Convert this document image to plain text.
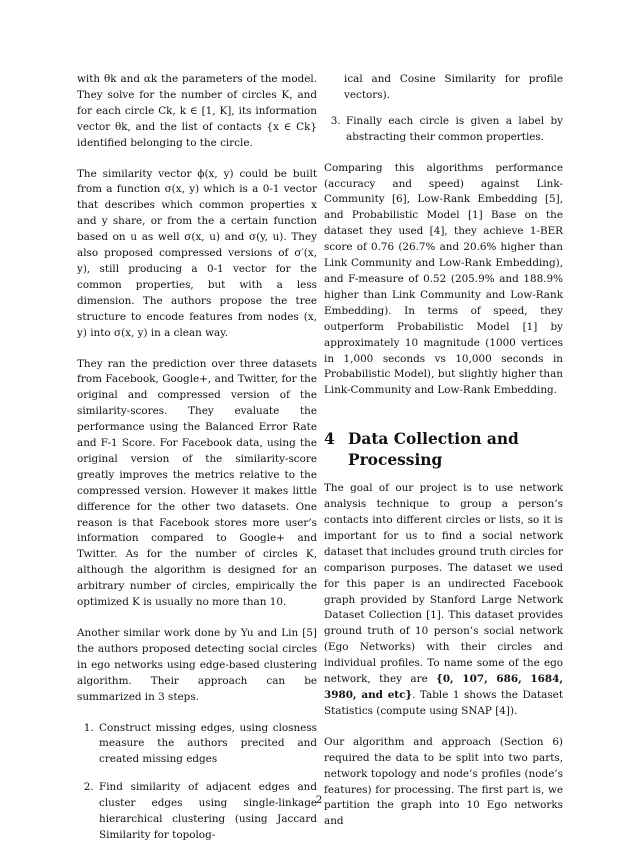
with θk and αk the parameters of the model. They solve for the number of circles K, and for each circle Ck, k ∈ [1, K], its information vector θk, and the list of contacts {x ∈ Ck} identified belonging to the circle.

The similarity vector ϕ(x, y) could be built from a function σ(x, y) which is a 0-1 vector that describes which common properties x and y share, or from the a certain function based on u as well σ(x, u) and σ(y, u). They also proposed compressed versions of σ′(x, y), still producing a 0-1 vector for the common properties, but with a less dimension. The authors propose the tree structure to encode features from nodes (x, y) into σ(x, y) in a clean way.

They ran the prediction over three datasets from Facebook, Google+, and Twitter, for the original and compressed version of the similarity-scores. They evaluate the performance using the Balanced Error Rate and F-1 Score. For Facebook data, using the original version of the similarity-score greatly improves the metrics relative to the compressed version. However it makes little difference for the other two datasets. One reason is that Facebook stores more user’s information compared to Google+ and Twitter. As for the number of circles K, although the algorithm is designed for an arbitrary number of circles, empirically the optimized K is usually no more than 10.

Another similar work done by Yu and Lin [5] the authors proposed detecting social circles in ego networks using edge-based clustering algorithm. Their approach can be summarized in 3 steps.

1. Construct missing edges, using closness measure the authors precited and created missing edges
2. Find similarity of adjacent edges and cluster edges using single-linkage hierarchical clustering (using Jaccard Similarity for topolog-
ical and Cosine Similarity for profile vectors).
3. Finally each circle is given a label by abstracting their common properties.

Comparing this algorithms performance (accuracy and speed) against Link- Community [6], Low-Rank Embedding [5], and Probabilistic Model [1] Base on the dataset they used [4], they achieve 1-BER score of 0.76 (26.7% and 20.6% higher than Link Community and Low-Rank Embedding), and F-measure of 0.52 (205.9% and 188.9% higher than Link Community and Low-Rank Embedding). In terms of speed, they outperform Probabilistic Model [1] by approximately 10 magnitude (1000 vertices in 1,000 seconds vs 10,000 seconds in Probabilistic Model), but slightly higher than Link-Community and Low-Rank Embedding.

4 Data Collection and Processing

The goal of our project is to use network analysis technique to group a person’s contacts into different circles or lists, so it is important for us to find a social network dataset that includes ground truth circles for comparison purposes. The dataset we used for this paper is an undirected Facebook graph provided by Stanford Large Network Dataset Collection [1]. This dataset provides ground truth of 10 person’s social network (Ego Networks) with their circles and individual profiles. To name some of the ego network, they are {0, 107, 686, 1684, 3980, and etc}. Table 1 shows the Dataset Statistics (compute using SNAP [4]).

Our algorithm and approach (Section 6) required the data to be split into two parts, network topology and node’s profiles (node’s features) for processing. The first part is, we partition the graph into 10 Ego networks and

2
